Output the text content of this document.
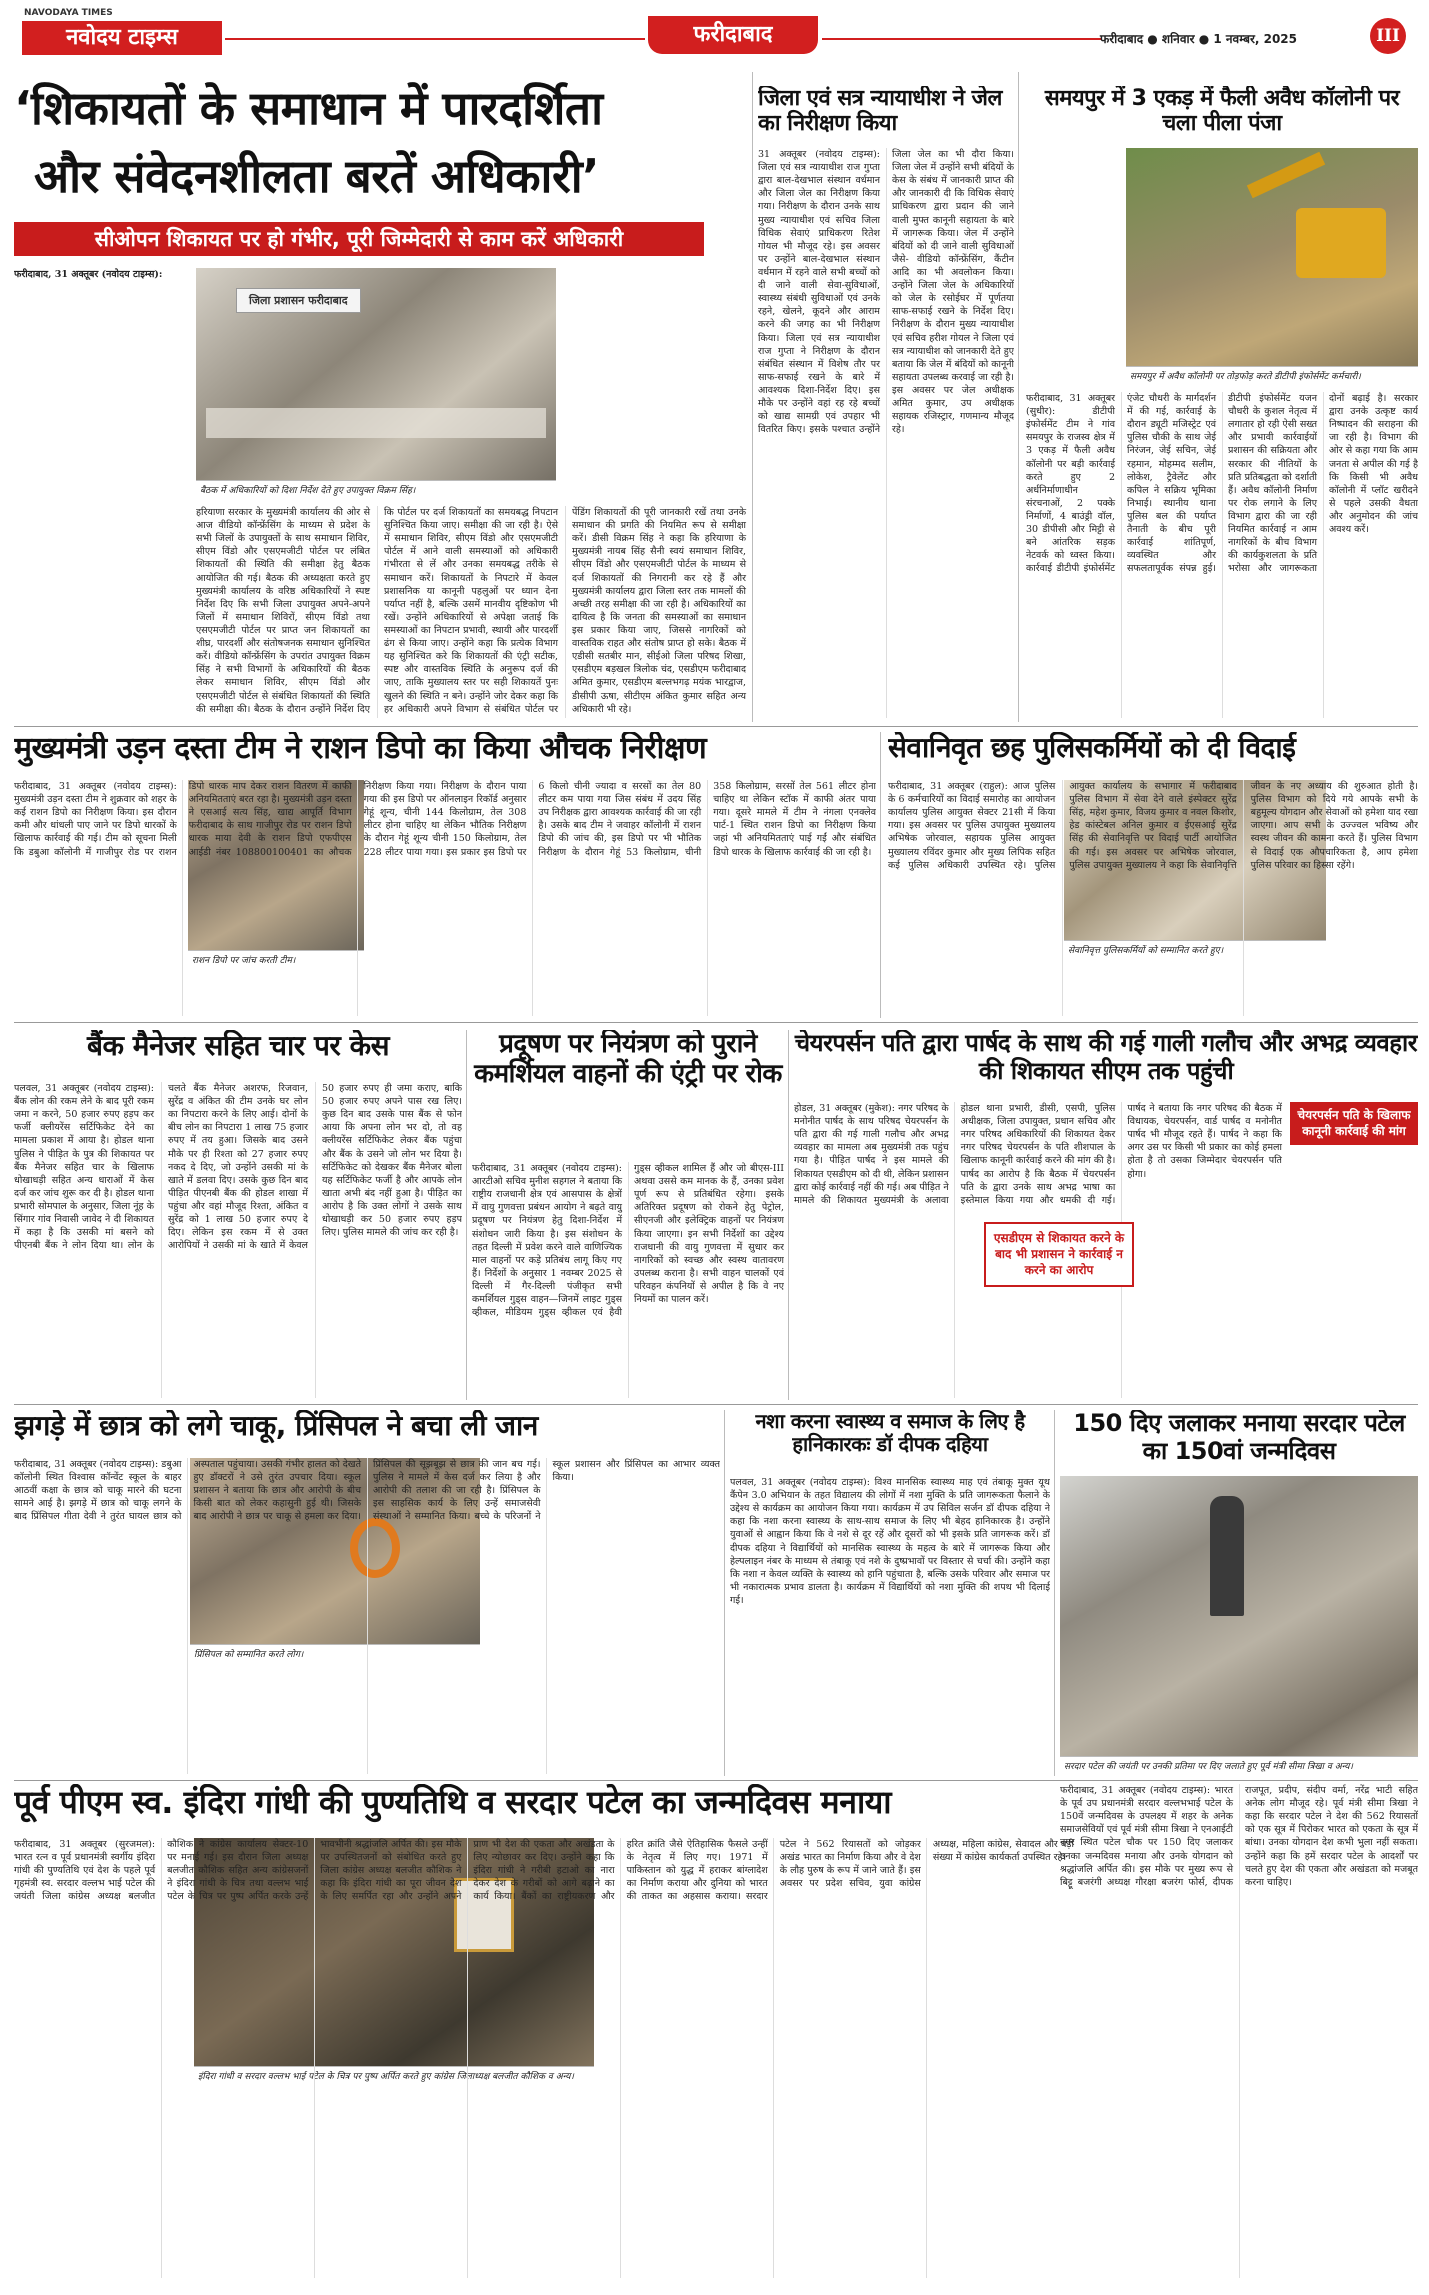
NAVODAYA TIMES
नवोदय टाइम्स	फरीदाबाद	फरीदाबाद ● शनिवार ● 1 नवम्बर, 2025	III
‘शिकायतों के समाधान में पारदर्शिता
और संवेदनशीलता बरतें अधिकारी’
सीओपन शिकायत पर हो गंभीर, पूरी जिम्मेदारी से काम करें अधिकारी

फरीदाबाद, 31 अक्तूबर (नवोदय टाइम्स):

जिला प्रशासन फरीदाबाद
बैठक में अधिकारियों को दिशा निर्देश देते हुए उपायुक्त विक्रम सिंह।
हरियाणा सरकार के मुख्यमंत्री कार्यालय की ओर से आज वीडियो कॉन्फ्रेंसिंग के माध्यम से प्रदेश के सभी जिलों के उपायुक्तों के साथ समाधान शिविर, सीएम विंडो और एसएमजीटी पोर्टल पर लंबित शिकायतों की स्थिति की समीक्षा हेतु बैठक आयोजित की गई। बैठक की अध्यक्षता करते हुए मुख्यमंत्री कार्यालय के वरिष्ठ अधिकारियों ने स्पष्ट निर्देश दिए कि सभी जिला उपायुक्त अपने-अपने जिलों में समाधान शिविरों, सीएम विंडो तथा एसएमजीटी पोर्टल पर प्राप्त जन शिकायतों का शीघ्र, पारदर्शी और संतोषजनक समाधान सुनिश्चित करें। वीडियो कॉन्फ्रेंसिंग के उपरांत उपायुक्त विक्रम सिंह ने सभी विभागों के अधिकारियों की बैठक लेकर समाधान शिविर, सीएम विंडो और एसएमजीटी पोर्टल से संबंधित शिकायतों की स्थिति की समीक्षा की। बैठक के दौरान उन्होंने निर्देश दिए कि पोर्टल पर दर्ज शिकायतों का समयबद्ध निपटान सुनिश्चित किया जाए। समीक्षा की जा रही है। ऐसे में समाधान शिविर, सीएम विंडो और एसएमजीटी पोर्टल में आने वाली समस्याओं को अधिकारी गंभीरता से लें और उनका समयबद्ध तरीके से समाधान करें। शिकायतों के निपटारे में केवल प्रशासनिक या कानूनी पहलुओं पर ध्यान देना पर्याप्त नहीं है, बल्कि उसमें मानवीय दृष्टिकोण भी रखें। उन्होंने अधिकारियों से अपेक्षा जताई कि समस्याओं का निपटान प्रभावी, स्थायी और पारदर्शी ढंग से किया जाए। उन्होंने कहा कि प्रत्येक विभाग यह सुनिश्चित करे कि शिकायतों की एंट्री सटीक, स्पष्ट और वास्तविक स्थिति के अनुरूप दर्ज की जाए, ताकि मुख्यालय स्तर पर सही शिकायतें पुनः खुलने की स्थिति न बने। उन्होंने जोर देकर कहा कि हर अधिकारी अपने विभाग से संबंधित पोर्टल पर पेंडिंग शिकायतों की पूरी जानकारी रखें तथा उनके समाधान की प्रगति की नियमित रूप से समीक्षा करें। डीसी विक्रम सिंह ने कहा कि हरियाणा के मुख्यमंत्री नायब सिंह सैनी स्वयं समाधान शिविर, सीएम विंडो और एसएमजीटी पोर्टल के माध्यम से दर्ज शिकायतों की निगरानी कर रहे हैं और मुख्यमंत्री कार्यालय द्वारा जिला स्तर तक मामलों की अच्छी तरह समीक्षा की जा रही है। अधिकारियों का दायित्व है कि जनता की समस्याओं का समाधान इस प्रकार किया जाए, जिससे नागरिकों को वास्तविक राहत और संतोष प्राप्त हो सके। बैठक में एडीसी सतबीर मान, सीईओ जिला परिषद शिखा, एसडीएम बड़खल त्रिलोक चंद, एसडीएम फरीदाबाद अमित कुमार, एसडीएम बल्लभगढ़ मयंक भारद्वाज, डीसीपी ऊषा, सीटीएम अंकित कुमार सहित अन्य अधिकारी भी रहे।
जिला एवं सत्र न्यायाधीश ने जेल का निरीक्षण किया
31 अक्तूबर (नवोदय टाइम्स): जिला एवं सत्र न्यायाधीश राज गुप्ता द्वारा बाल-देखभाल संस्थान वर्धमान और जिला जेल का निरीक्षण किया गया। निरीक्षण के दौरान उनके साथ मुख्य न्यायाधीश एवं सचिव जिला विधिक सेवाएं प्राधिकरण रितेश गोयल भी मौजूद रहे। इस अवसर पर उन्होंने बाल-देखभाल संस्थान वर्धमान में रहने वाले सभी बच्चों को दी जाने वाली सेवा-सुविधाओं, स्वास्थ्य संबंधी सुविधाओं एवं उनके रहने, खेलने, कूदने और आराम करने की जगह का भी निरीक्षण किया। जिला एवं सत्र न्यायाधीश राज गुप्ता ने निरीक्षण के दौरान संबंधित संस्थान में विशेष तौर पर साफ-सफाई रखने के बारे में आवश्यक दिशा-निर्देश दिए। इस मौके पर उन्होंने वहां रह रहे बच्चों को खाद्य सामग्री एवं उपहार भी वितरित किए। इसके पश्चात उन्होंने जिला जेल का भी दौरा किया। जिला जेल में उन्होंने सभी बंदियों के केस के संबंध में जानकारी प्राप्त की और जानकारी दी कि विधिक सेवाएं प्राधिकरण द्वारा प्रदान की जाने वाली मुफ्त कानूनी सहायता के बारे में जागरूक किया। जेल में उन्होंने बंदियों को दी जाने वाली सुविधाओं जैसे- वीडियो कॉन्फ्रेंसिंग, कैंटीन आदि का भी अवलोकन किया। उन्होंने जिला जेल के अधिकारियों को जेल के रसोईघर में पूर्णतया साफ-सफाई रखने के निर्देश दिए। निरीक्षण के दौरान मुख्य न्यायाधीश एवं सचिव हरीश गोयल ने जिला एवं सत्र न्यायाधीश को जानकारी देते हुए बताया कि जेल में बंदियों को कानूनी सहायता उपलब्ध करवाई जा रही है। इस अवसर पर जेल अधीक्षक अमित कुमार, उप अधीक्षक सहायक रजिस्ट्रार, गणमान्य मौजूद रहे।
समयपुर में 3 एकड़ में फैली अवैध कॉलोनी पर चला पीला पंजा
समयपुर में अवैध कॉलोनी पर तोड़फोड़ करते डीटीपी इंफोर्समेंट कर्मचारी।
फरीदाबाद, 31 अक्तूबर (सुधीर): डीटीपी इंफोर्समेंट टीम ने गांव समयपुर के राजस्व क्षेत्र में 3 एकड़ में फैली अवैध कॉलोनी पर बड़ी कार्रवाई करते हुए 2 अर्धनिर्माणाधीन संरचनाओं, 2 पक्के निर्माणों, 4 बाउंड्री वॉल, 30 डीपीसी और मिट्टी से बने आंतरिक सड़क नेटवर्क को ध्वस्त किया। कार्रवाई डीटीपी इंफोर्समेंट एंजेट चौधरी के मार्गदर्शन में की गई, कार्रवाई के दौरान ड्यूटी मजिस्ट्रेट एवं पुलिस चौकी के साथ जेई निरंजन, जेई सचिन, जेई रहमान, मोहम्मद सलीम, लोकेश, ट्रैवेलेंट और कपिल ने सक्रिय भूमिका निभाई। स्थानीय थाना पुलिस बल की पर्याप्त तैनाती के बीच पूरी कार्रवाई शांतिपूर्ण, व्यवस्थित और सफलतापूर्वक संपन्न हुई। डीटीपी इंफोर्समेंट यजन चौधरी के कुशल नेतृत्व में लगातार हो रही ऐसी सख्त और प्रभावी कार्रवाईयों प्रशासन की सक्रियता और सरकार की नीतियों के प्रति प्रतिबद्धता को दर्शाती हैं। अवैध कॉलोनी निर्माण पर रोक लगाने के लिए विभाग द्वारा की जा रही नियमित कार्रवाई न आम नागरिकों के बीच विभाग की कार्यकुशलता के प्रति भरोसा और जागरूकता दोनों बढ़ाई है। सरकार द्वारा उनके उत्कृष्ट कार्य निष्पादन की सराहना की जा रही है। विभाग की ओर से कहा गया कि आम जनता से अपील की गई है कि किसी भी अवैध कॉलोनी में प्लॉट खरीदने से पहले उसकी वैधता और अनुमोदन की जांच अवश्य करें।
मुख्यमंत्री उड़न दस्ता टीम ने राशन डिपो का किया औचक निरीक्षण
राशन डिपो पर जांच करती टीम।
फरीदाबाद, 31 अक्तूबर (नवोदय टाइम्स): मुख्यमंत्री उड़न दस्ता टीम ने शुक्रवार को शहर के कई राशन डिपो का निरीक्षण किया। इस दौरान कमी और धांधली पाए जाने पर डिपो धारकों के खिलाफ कार्रवाई की गई। टीम को सूचना मिली कि डबुआ कॉलोनी में गाजीपुर रोड पर राशन डिपो धारक माप देकर राशन वितरण में काफी अनियमितताएं बरत रहा है। मुख्यमंत्री उड़न दस्ता ने एसआई सत्य सिंह, खाद्य आपूर्ति विभाग फरीदाबाद के साथ गाजीपुर रोड पर राशन डिपो धारक माया देवी के राशन डिपो एफपीएस आईडी नंबर 108800100401 का औचक निरीक्षण किया गया। निरीक्षण के दौरान पाया गया की इस डिपो पर ऑनलाइन रिकॉर्ड अनुसार गेहूं शून्य, चीनी 144 किलोग्राम, तेल 308 लीटर होना चाहिए था लेकिन भौतिक निरीक्षण के दौरान गेहूं शून्य चीनी 150 किलोग्राम, तेल 228 लीटर पाया गया। इस प्रकार इस डिपो पर 6 किलो चीनी ज्यादा व सरसों का तेल 80 लीटर कम पाया गया जिस संबंध में उदय सिंह उप निरीक्षक द्वारा आवश्यक कार्रवाई की जा रही है। उसके बाद टीम ने जवाहर कॉलोनी में राशन डिपो की जांच की, इस डिपो पर भी भौतिक निरीक्षण के दौरान गेहूं 53 किलोग्राम, चीनी 358 किलोग्राम, सरसों तेल 561 लीटर होना चाहिए था लेकिन स्टॉक में काफी अंतर पाया गया। दूसरे मामले में टीम ने नंगला एनक्लेव पार्ट-1 स्थित राशन डिपो का निरीक्षण किया जहां भी अनियमितताएं पाई गईं और संबंधित डिपो धारक के खिलाफ कार्रवाई की जा रही है।
सेवानिवृत छह पुलिसकर्मियों को दी विदाई
सेवानिवृत्त पुलिसकर्मियों को सम्मानित करते हुए।
फरीदाबाद, 31 अक्तूबर (राहुल): आज पुलिस के 6 कर्मचारियों का विदाई समारोह का आयोजन कार्यालय पुलिस आयुक्त सेक्टर 21सी में किया गया। इस अवसर पर पुलिस उपायुक्त मुख्यालय अभिषेक जोरवाल, सहायक पुलिस आयुक्त मुख्यालय रविंदर कुमार और मुख्य लिपिक सहित कई पुलिस अधिकारी उपस्थित रहे। पुलिस आयुक्त कार्यालय के सभागार में फरीदाबाद पुलिस विभाग में सेवा देने वाले इंस्पेक्टर सुरेंद्र सिंह, महेश कुमार, विजय कुमार व नवल किशोर, हेड कांस्टेबल अनिल कुमार व ईएसआई सुरेंद्र सिंह की सेवानिवृत्ति पर विदाई पार्टी आयोजित की गई। इस अवसर पर अभिषेक जोरवाल, पुलिस उपायुक्त मुख्यालय ने कहा कि सेवानिवृत्ति जीवन के नए अध्याय की शुरुआत होती है। पुलिस विभाग को दिये गये आपके सभी के बहुमूल्य योगदान और सेवाओं को हमेशा याद रखा जाएगा। आप सभी के उज्ज्वल भविष्य और स्वस्थ जीवन की कामना करते हैं। पुलिस विभाग से विदाई एक औपचारिकता है, आप हमेशा पुलिस परिवार का हिस्सा रहेंगे।
बैंक मैनेजर सहित चार पर केस
पलवल, 31 अक्तूबर (नवोदय टाइम्स): बैंक लोन की रकम लेने के बाद पूरी रकम जमा न करने, 50 हजार रुपए हड़प कर फर्जी क्लीयरेंस सर्टिफिकेट देने का मामला प्रकाश में आया है। होडल थाना पुलिस ने पीड़ित के पुत्र की शिकायत पर बैंक मैनेजर सहित चार के खिलाफ धोखाधड़ी सहित अन्य धाराओं में केस दर्ज कर जांच शुरू कर दी है। होडल थाना प्रभारी सोमपाल के अनुसार, जिला नूंह के सिंगार गांव निवासी जावेद ने दी शिकायत में कहा है कि उसकी मां बसने को पीएनबी बैंक ने लोन दिया था। लोन के चलते बैंक मैनेजर अशरफ, रिजवान, सुरेंद्र व अंकित की टीम उनके घर लोन का निपटारा करने के लिए आई। दोनों के बीच लोन का निपटारा 1 लाख 75 हजार रुपए में तय हुआ। जिसके बाद उसने मौके पर ही रिश्ता को 27 हजार रुपए नकद दे दिए, जो उन्होंने उसकी मां के खाते में डलवा दिए। उसके कुछ दिन बाद पीड़ित पीएनबी बैंक की होडल शाखा में पहुंचा और वहां मौजूद रिश्ता, अंकित व सुरेंद्र को 1 लाख 50 हजार रुपए दे दिए। लेकिन इस रकम में से उक्त आरोपियों ने उसकी मां के खाते में केवल 50 हजार रुपए ही जमा कराए, बाकि 50 हजार रुपए अपने पास रख लिए। कुछ दिन बाद उसके पास बैंक से फोन आया कि अपना लोन भर दो, तो वह क्लीयरेंस सर्टिफिकेट लेकर बैंक पहुंचा और बैंक के उसने जो लोन भर दिया है। सर्टिफिकेट को देखकर बैंक मैनेजर बोला यह सर्टिफिकेट फर्जी है और आपके लोन खाता अभी बंद नहीं हुआ है। पीड़ित का आरोप है कि उक्त लोगों ने उसके साथ धोखाधड़ी कर 50 हजार रुपए हड़प लिए। पुलिस मामले की जांच कर रही है।
प्रदूषण पर नियंत्रण को पुराने कमर्शियल वाहनों की एंट्री पर रोक
फरीदाबाद, 31 अक्तूबर (नवोदय टाइम्स): आरटीओ सचिव मुनीश सहगल ने बताया कि राष्ट्रीय राजधानी क्षेत्र एवं आसपास के क्षेत्रों में वायु गुणवत्ता प्रबंधन आयोग ने बढ़ते वायु प्रदूषण पर नियंत्रण हेतु दिशा-निर्देश में संशोधन जारी किया है। इस संशोधन के तहत दिल्ली में प्रवेश करने वाले वाणिज्यिक माल वाहनों पर कड़े प्रतिबंध लागू किए गए हैं। निर्देशों के अनुसार 1 नवम्बर 2025 से दिल्ली में गैर-दिल्ली पंजीकृत सभी कमर्शियल गुड्स वाहन—जिनमें लाइट गुड्स व्हीकल, मीडियम गुड्स व्हीकल एवं हैवी गुड्स व्हीकल शामिल हैं और जो बीएस-III अथवा उससे कम मानक के हैं, उनका प्रवेश पूर्ण रूप से प्रतिबंधित रहेगा। इसके अतिरिक्त प्रदूषण को रोकने हेतु पेट्रोल, सीएनजी और इलेक्ट्रिक वाहनों पर नियंत्रण किया जाएगा। इन सभी निर्देशों का उद्देश्य राजधानी की वायु गुणवत्ता में सुधार कर नागरिकों को स्वच्छ और स्वस्थ वातावरण उपलब्ध कराना है। सभी वाहन चालकों एवं परिवहन कंपनियों से अपील है कि वे नए नियमों का पालन करें।
चेयरपर्सन पति द्वारा पार्षद के साथ की गई गाली गलौच और अभद्र व्यवहार की शिकायत सीएम तक पहुंची
होडल, 31 अक्तूबर (मुकेश): नगर परिषद के मनोनीत पार्षद के साथ परिषद चेयरपर्सन के पति द्वारा की गई गाली गलौच और अभद्र व्यवहार का मामला अब मुख्यमंत्री तक पहुंच गया है। पीड़ित पार्षद ने इस मामले की शिकायत एसडीएम को दी थी, लेकिन प्रशासन द्वारा कोई कार्रवाई नहीं की गई। अब पीड़ित ने मामले की शिकायत मुख्यमंत्री के अलावा होडल थाना प्रभारी, डीसी, एसपी, पुलिस अधीक्षक, जिला उपायुक्त, प्रधान सचिव और नगर परिषद अधिकारियों की शिकायत देकर नगर परिषद चेयरपर्सन के पति शीशपाल के खिलाफ कानूनी कार्रवाई करने की मांग की है। पार्षद का आरोप है कि बैठक में चेयरपर्सन पति के द्वारा उनके साथ अभद्र भाषा का इस्तेमाल किया गया और धमकी दी गई। पार्षद ने बताया कि नगर परिषद की बैठक में विधायक, चेयरपर्सन, वार्ड पार्षद व मनोनीत पार्षद भी मौजूद रहते हैं। पार्षद ने कहा कि अगर उस पर किसी भी प्रकार का कोई हमला होता है तो उसका जिम्मेदार चेयरपर्सन पति होगा।
एसडीएम से शिकायत करने के बाद भी प्रशासन ने कार्रवाई न करने का आरोप
चेयरपर्सन पति के खिलाफ कानूनी कार्रवाई की मांग
झगड़े में छात्र को लगे चाकू, प्रिंसिपल ने बचा ली जान
प्रिंसिपल को सम्मानित करते लोग।
फरीदाबाद, 31 अक्तूबर (नवोदय टाइम्स): डबुआ कॉलोनी स्थित विश्वास कॉन्वेंट स्कूल के बाहर आठवीं कक्षा के छात्र को चाकू मारने की घटना सामने आई है। झगड़े में छात्र को चाकू लगने के बाद प्रिंसिपल गीता देवी ने तुरंत घायल छात्र को अस्पताल पहुंचाया। उसकी गंभीर हालत को देखते हुए डॉक्टरों ने उसे तुरंत उपचार दिया। स्कूल प्रशासन ने बताया कि छात्र और आरोपी के बीच किसी बात को लेकर कहासुनी हुई थी। जिसके बाद आरोपी ने छात्र पर चाकू से हमला कर दिया। प्रिंसिपल की सूझबूझ से छात्र की जान बच गई। पुलिस ने मामले में केस दर्ज कर लिया है और आरोपी की तलाश की जा रही है। प्रिंसिपल के इस साहसिक कार्य के लिए उन्हें समाजसेवी संस्थाओं ने सम्मानित किया। बच्चे के परिजनों ने स्कूल प्रशासन और प्रिंसिपल का आभार व्यक्त किया।
नशा करना स्वास्थ्य व समाज के लिए है हानिकारकः डॉ दीपक दहिया
पलवल, 31 अक्तूबर (नवोदय टाइम्स): विश्व मानसिक स्वास्थ्य माह एवं तंबाकू मुक्त यूथ कैंपेन 3.0 अभियान के तहत विद्यालय की लोगों में नशा मुक्ति के प्रति जागरूकता फैलाने के उद्देश्य से कार्यक्रम का आयोजन किया गया। कार्यक्रम में उप सिविल सर्जन डॉ दीपक दहिया ने कहा कि नशा करना स्वास्थ्य के साथ-साथ समाज के लिए भी बेहद हानिकारक है। उन्होंने युवाओं से आह्वान किया कि वे नशे से दूर रहें और दूसरों को भी इसके प्रति जागरूक करें। डॉ दीपक दहिया ने विद्यार्थियों को मानसिक स्वास्थ्य के महत्व के बारे में जागरूक किया और हेल्पलाइन नंबर के माध्यम से तंबाकू एवं नशे के दुष्प्रभावों पर विस्तार से चर्चा की। उन्होंने कहा कि नशा न केवल व्यक्ति के स्वास्थ्य को हानि पहुंचाता है, बल्कि उसके परिवार और समाज पर भी नकारात्मक प्रभाव डालता है। कार्यक्रम में विद्यार्थियों को नशा मुक्ति की शपथ भी दिलाई गई।
150 दिए जलाकर मनाया सरदार पटेल का 150वां जन्मदिवस
सरदार पटेल की जयंती पर उनकी प्रतिमा पर दिए जलाते हुए पूर्व मंत्री सीमा त्रिखा व अन्य।
पूर्व पीएम स्व. इंदिरा गांधी की पुण्यतिथि व सरदार पटेल का जन्मदिवस मनाया
इंदिरा गांधी व सरदार वल्लभ भाई पटेल के चित्र पर पुष्प अर्पित करते हुए कांग्रेस जिलाध्यक्ष बलजीत कौशिक व अन्य।
फरीदाबाद, 31 अक्तूबर (सुरजमल): भारत रत्न व पूर्व प्रधानमंत्री स्वर्गीय इंदिरा गांधी की पुण्यतिथि एवं देश के पहले पूर्व गृहमंत्री स्व. सरदार वल्लभ भाई पटेल की जयंती जिला कांग्रेस अध्यक्ष बलजीत कौशिक ने कांग्रेस कार्यालय सेक्टर-10 पर मनाई गई। इस दौरान जिला अध्यक्ष बलजीत कौशिक सहित अन्य कांग्रेसजनों ने इंदिरा गांधी के चित्र तथा वल्लभ भाई पटेल के चित्र पर पुष्प अर्पित करके उन्हें भावभीनी श्रद्धांजलि अर्पित की। इस मौके पर उपस्थितजनों को संबोधित करते हुए जिला कांग्रेस अध्यक्ष बलजीत कौशिक ने कहा कि इंदिरा गांधी का पूरा जीवन देश के लिए समर्पित रहा और उन्होंने अपने प्राण भी देश की एकता और अखंडता के लिए न्योछावर कर दिए। उन्होंने कहा कि इंदिरा गांधी ने गरीबी हटाओ का नारा देकर देश के गरीबों को आगे बढ़ाने का कार्य किया। बैंकों का राष्ट्रीयकरण और हरित क्रांति जैसे ऐतिहासिक फैसले उन्हीं के नेतृत्व में लिए गए। 1971 में पाकिस्तान को युद्ध में हराकर बांग्लादेश का निर्माण कराया और दुनिया को भारत की ताकत का अहसास कराया। सरदार पटेल ने 562 रियासतों को जोड़कर अखंड भारत का निर्माण किया और वे देश के लौह पुरुष के रूप में जाने जाते हैं। इस अवसर पर प्रदेश सचिव, युवा कांग्रेस अध्यक्ष, महिला कांग्रेस, सेवादल और बड़ी संख्या में कांग्रेस कार्यकर्ता उपस्थित रहे।
फरीदाबाद, 31 अक्तूबर (नवोदय टाइम्स): भारत के पूर्व उप प्रधानमंत्री सरदार वल्लभभाई पटेल के 150वें जन्मदिवस के उपलक्ष्य में शहर के अनेक समाजसेवियों एवं पूर्व मंत्री सीमा त्रिखा ने एनआईटी नगर स्थित पटेल चौक पर 150 दिए जलाकर उनका जन्मदिवस मनाया और उनके योगदान को श्रद्धांजलि अर्पित की। इस मौके पर मुख्य रूप से बिट्टू बजरंगी अध्यक्ष गौरक्षा बजरंग फोर्स, दीपक राजपूत, प्रदीप, संदीप वर्मा, नरेंद्र भाटी सहित अनेक लोग मौजूद रहे। पूर्व मंत्री सीमा त्रिखा ने कहा कि सरदार पटेल ने देश की 562 रियासतों को एक सूत्र में पिरोकर भारत को एकता के सूत्र में बांधा। उनका योगदान देश कभी भुला नहीं सकता। उन्होंने कहा कि हमें सरदार पटेल के आदर्शों पर चलते हुए देश की एकता और अखंडता को मजबूत करना चाहिए।
